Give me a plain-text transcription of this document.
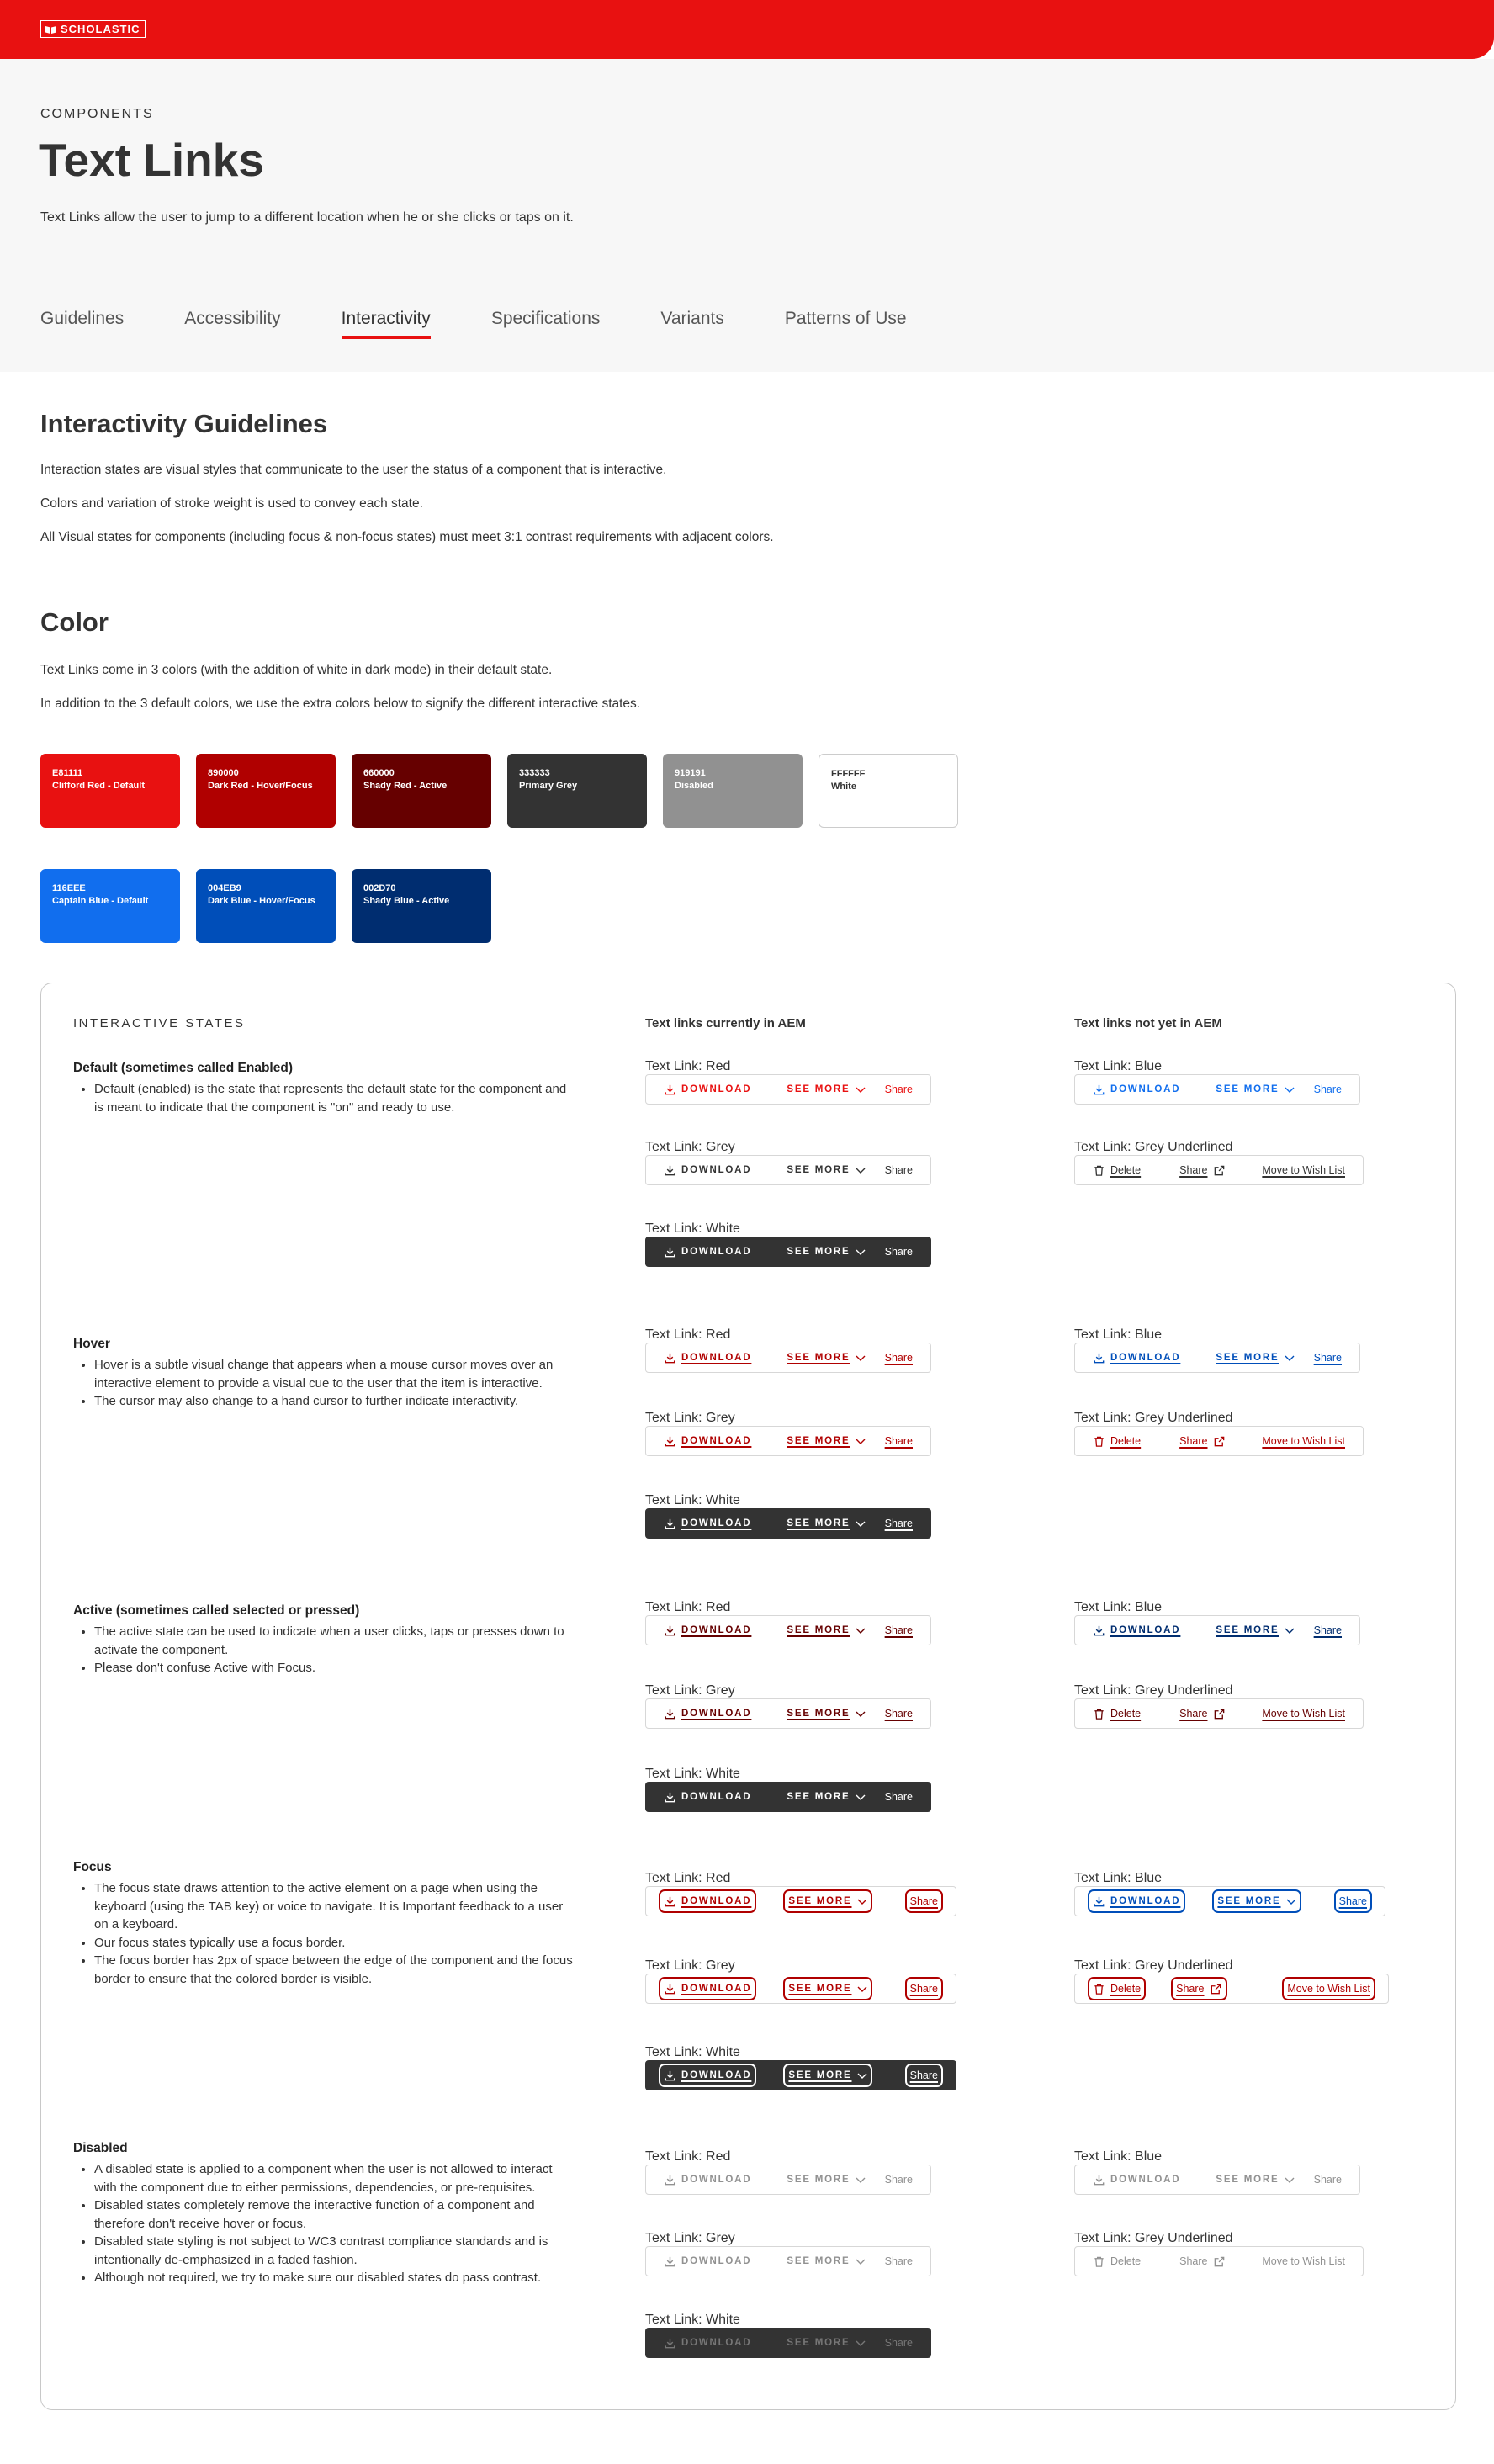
SCHOLASTIC
COMPONENTS
Text Links
Text Links allow the user to jump to a different location when he or she clicks or taps on it.
Guidelines	Accessibility	Interactivity	Specifications	Variants	Patterns of Use
Interactivity Guidelines
Interaction states are visual styles that communicate to the user the status of a component that is interactive.
Colors and variation of stroke weight is used to convey each state.
All Visual states for components (including focus & non-focus states) must meet 3:1 contrast requirements with adjacent colors.
Color
Text Links come in 3 colors (with the addition of white in dark mode) in their default state.
In addition to the 3 default colors, we use the extra colors below to signify the different interactive states.
E81111
Clifford Red - Default
890000
Dark Red - Hover/Focus
660000
Shady Red - Active
333333
Primary Grey
919191
Disabled
FFFFFF
White
116EEE
Captain Blue - Default
004EB9
Dark Blue - Hover/Focus
002D70
Shady Blue - Active
INTERACTIVE STATES	Text links currently in AEM	Text links not yet in AEM
Default (sometimes called Enabled)
• Default (enabled) is the state that represents the default state for the component and is meant to indicate that the component is "on" and ready to use.
Text Link: Red
DOWNLOAD	SEE MORE	Share
Text Link: Grey
DOWNLOAD	SEE MORE	Share
Text Link: White
DOWNLOAD	SEE MORE	Share
Text Link: Blue
DOWNLOAD	SEE MORE	Share
Text Link: Grey Underlined
Delete	Share	Move to Wish List
Hover
• Hover is a subtle visual change that appears when a mouse cursor moves over an interactive element to provide a visual cue to the user that the item is interactive.
• The cursor may also change to a hand cursor to further indicate interactivity.
Text Link: Red
DOWNLOAD	SEE MORE	Share
Text Link: Grey
DOWNLOAD	SEE MORE	Share
Text Link: White
DOWNLOAD	SEE MORE	Share
Text Link: Blue
DOWNLOAD	SEE MORE	Share
Text Link: Grey Underlined
Delete	Share	Move to Wish List
Active (sometimes called selected or pressed)
• The active state can be used to indicate when a user clicks, taps or presses down to activate the component.
• Please don't confuse Active with Focus.
Text Link: Red
DOWNLOAD	SEE MORE	Share
Text Link: Grey
DOWNLOAD	SEE MORE	Share
Text Link: White
DOWNLOAD	SEE MORE	Share
Text Link: Blue
DOWNLOAD	SEE MORE	Share
Text Link: Grey Underlined
Delete	Share	Move to Wish List
Focus
• The focus state draws attention to the active element on a page when using the keyboard (using the TAB key) or voice to navigate. It is Important feedback to a user on a keyboard.
• Our focus states typically use a focus border.
• The focus border has 2px of space between the edge of the component and the focus border to ensure that the colored border is visible.
Text Link: Red
DOWNLOAD	SEE MORE	Share
Text Link: Grey
DOWNLOAD	SEE MORE	Share
Text Link: White
DOWNLOAD	SEE MORE	Share
Text Link: Blue
DOWNLOAD	SEE MORE	Share
Text Link: Grey Underlined
Delete	Share	Move to Wish List
Disabled
• A disabled state is applied to a component when the user is not allowed to interact with the component due to either permissions, dependencies, or pre-requisites.
• Disabled states completely remove the interactive function of a component and therefore don't receive hover or focus.
• Disabled state styling is not subject to WC3 contrast compliance standards and is intentionally de-emphasized in a faded fashion.
• Although not required, we try to make sure our disabled states do pass contrast.
Text Link: Red
DOWNLOAD	SEE MORE	Share
Text Link: Grey
DOWNLOAD	SEE MORE	Share
Text Link: White
DOWNLOAD	SEE MORE	Share
Text Link: Blue
DOWNLOAD	SEE MORE	Share
Text Link: Grey Underlined
Delete	Share	Move to Wish List
